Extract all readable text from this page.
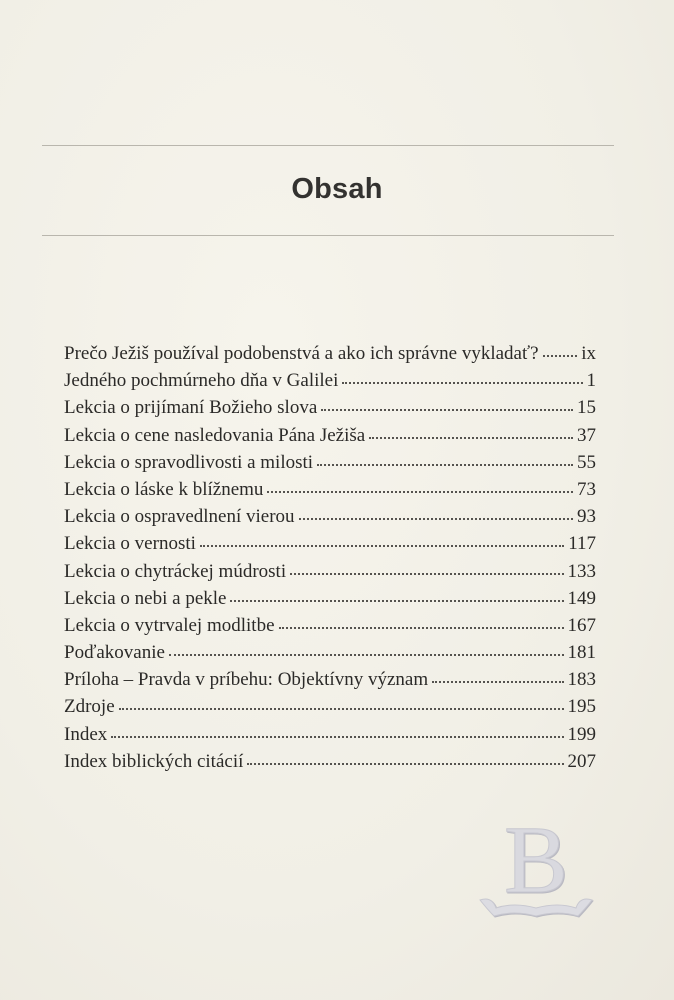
Obsah
Prečo Ježiš používal podobenstvá a ako ich správne vykladať? ix
Jedného pochmúrneho dňa v Galilei	1
Lekcia o prijímaní Božieho slova	15
Lekcia o cene nasledovania Pána Ježiša	37
Lekcia o spravodlivosti a milosti	55
Lekcia o láske k blížnemu	73
Lekcia o ospravedlnení vierou	93
Lekcia o vernosti	117
Lekcia o chytráckej múdrosti	133
Lekcia o nebi a pekle	149
Lekcia o vytrvalej modlitbe	167
Poďakovanie	181
Príloha – Pravda v príbehu: Objektívny význam	183
Zdroje	195
Index	199
Index biblických citácií	207
B
